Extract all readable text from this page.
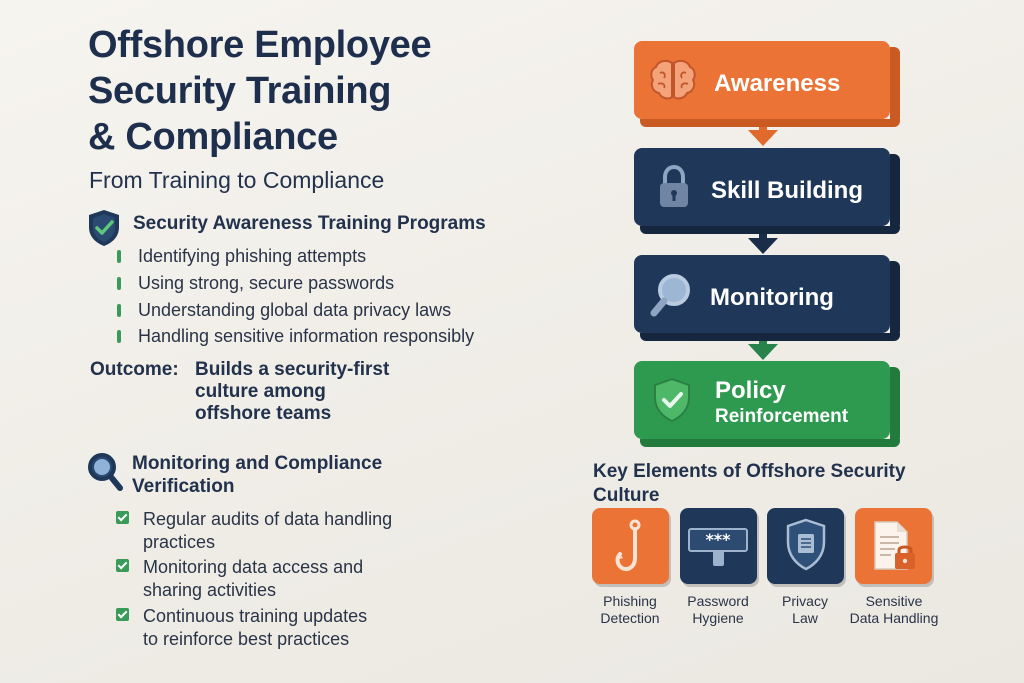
Offshore Employee
Security Training
& Compliance
From Training to Compliance
Security Awareness Training Programs
Identifying phishing attempts
Using strong, secure passwords
Understanding global data privacy laws
Handling sensitive information responsibly
Outcome: Builds a security-first
culture among
offshore teams
Monitoring and Compliance
Verification
Regular audits of data handling
practices
Monitoring data access and
sharing activities
Continuous training updates
to reinforce best practices
Awareness
Skill Building
Monitoring
Policy
Reinforcement
Key Elements of Offshore Security
Culture
Phishing
Detection
***
Password
Hygiene
Privacy
Law
Sensitive
Data Handling
